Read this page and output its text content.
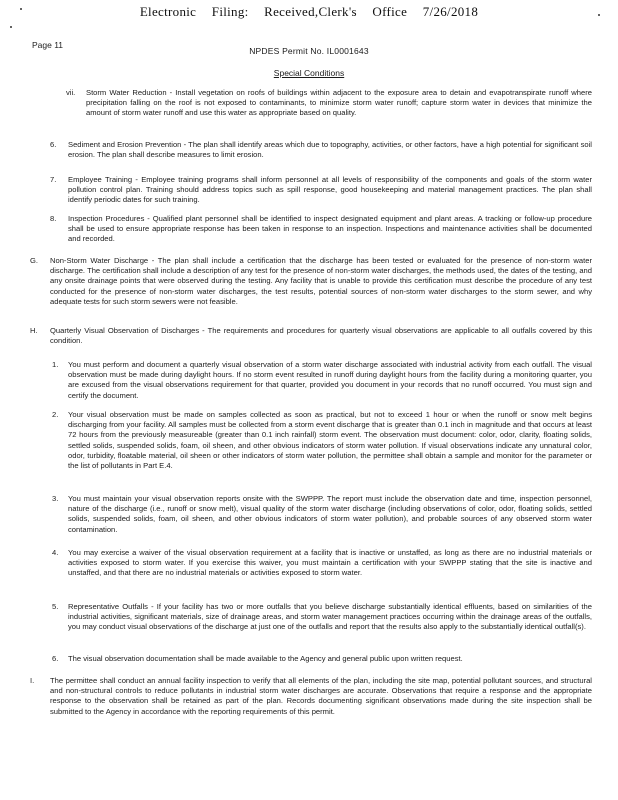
Electronic Filing: Received,Clerk's Office 7/26/2018
Page 11
NPDES Permit No. IL0001643
Special Conditions
vii. Storm Water Reduction - Install vegetation on roofs of buildings within adjacent to the exposure area to detain and evapotranspirate runoff where precipitation falling on the roof is not exposed to contaminants, to minimize storm water runoff; capture storm water in devices that minimize the amount of storm water runoff and use this water as appropriate based on quality.
6. Sediment and Erosion Prevention - The plan shall identify areas which due to topography, activities, or other factors, have a high potential for significant soil erosion. The plan shall describe measures to limit erosion.
7. Employee Training - Employee training programs shall inform personnel at all levels of responsibility of the components and goals of the storm water pollution control plan. Training should address topics such as spill response, good housekeeping and material management practices. The plan shall identify periodic dates for such training.
8. Inspection Procedures - Qualified plant personnel shall be identified to inspect designated equipment and plant areas. A tracking or follow-up procedure shall be used to ensure appropriate response has been taken in response to an inspection. Inspections and maintenance activities shall be documented and recorded.
G. Non-Storm Water Discharge - The plan shall include a certification that the discharge has been tested or evaluated for the presence of non-storm water discharge. The certification shall include a description of any test for the presence of non-storm water discharges, the methods used, the dates of the testing, and any onsite drainage points that were observed during the testing. Any facility that is unable to provide this certification must describe the procedure of any test conducted for the presence of non-storm water discharges, the test results, potential sources of non-storm water discharges to the storm sewer, and why adequate tests for such storm sewers were not feasible.
H. Quarterly Visual Observation of Discharges - The requirements and procedures for quarterly visual observations are applicable to all outfalls covered by this condition.
1. You must perform and document a quarterly visual observation of a storm water discharge associated with industrial activity from each outfall. The visual observation must be made during daylight hours. If no storm event resulted in runoff during daylight hours from the facility during a monitoring quarter, you are excused from the visual observations requirement for that quarter, provided you document in your records that no runoff occurred. You must sign and certify the document.
2. Your visual observation must be made on samples collected as soon as practical, but not to exceed 1 hour or when the runoff or snow melt begins discharging from your facility. All samples must be collected from a storm event discharge that is greater than 0.1 inch in magnitude and that occurs at least 72 hours from the previously measureable (greater than 0.1 inch rainfall) storm event. The observation must document: color, odor, clarity, floating solids, settled solids, suspended solids, foam, oil sheen, and other obvious indicators of storm water pollution. If visual observations indicate any unnatural color, odor, turbidity, floatable material, oil sheen or other indicators of storm water pollution, the permittee shall obtain a sample and monitor for the parameter or the list of pollutants in Part E.4.
3. You must maintain your visual observation reports onsite with the SWPPP. The report must include the observation date and time, inspection personnel, nature of the discharge (i.e., runoff or snow melt), visual quality of the storm water discharge (including observations of color, odor, floating solids, settled solids, suspended solids, foam, oil sheen, and other obvious indicators of storm water pollution), and probable sources of any observed storm water contamination.
4. You may exercise a waiver of the visual observation requirement at a facility that is inactive or unstaffed, as long as there are no industrial materials or activities exposed to storm water. If you exercise this waiver, you must maintain a certification with your SWPPP stating that the site is inactive and unstaffed, and that there are no industrial materials or activities exposed to storm water.
5. Representative Outfalls - If your facility has two or more outfalls that you believe discharge substantially identical effluents, based on similarities of the industrial activities, significant materials, size of drainage areas, and storm water management practices occurring within the drainage areas of the outfalls, you may conduct visual observations of the discharge at just one of the outfalls and report that the results also apply to the substantially identical outfall(s).
6. The visual observation documentation shall be made available to the Agency and general public upon written request.
I. The permittee shall conduct an annual facility inspection to verify that all elements of the plan, including the site map, potential pollutant sources, and structural and non-structural controls to reduce pollutants in industrial storm water discharges are accurate. Observations that require a response and the appropriate response to the observation shall be retained as part of the plan. Records documenting significant observations made during the site inspection shall be submitted to the Agency in accordance with the reporting requirements of this permit.
